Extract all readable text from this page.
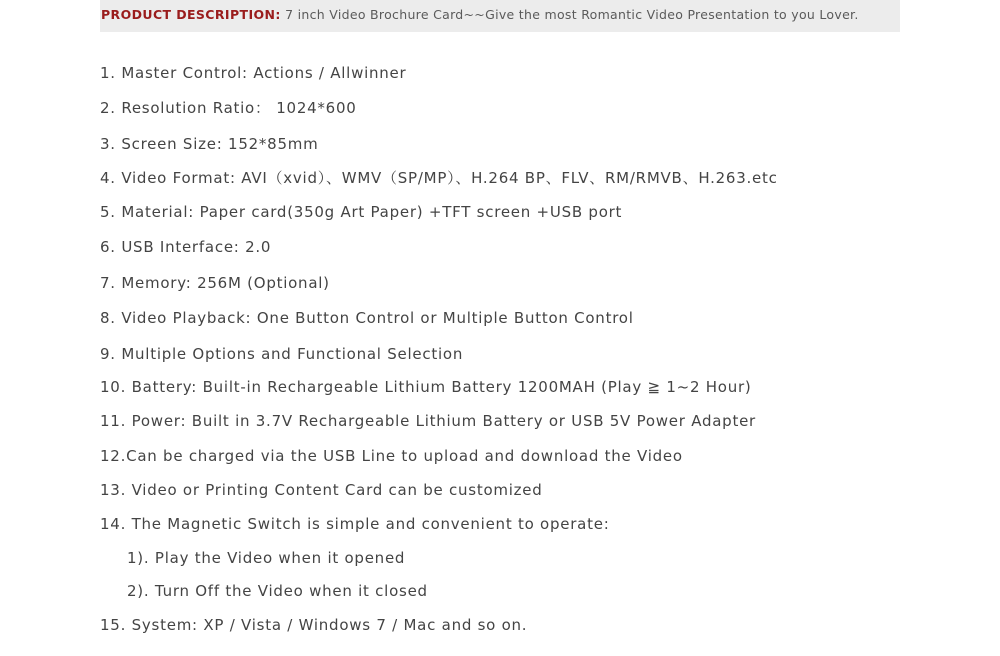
PRODUCT DESCRIPTION: 7 inch Video Brochure Card~~Give the most Romantic Video Presentation to you Lover.
1. Master Control: Actions / Allwinner
2. Resolution Ratio： 1024*600
3. Screen Size: 152*85mm
4. Video Format: AVI（xvid）、WMV（SP/MP）、H.264 BP、FLV、RM/RMVB、H.263.etc
5. Material: Paper card(350g Art Paper) +TFT screen +USB port
6. USB Interface: 2.0
7. Memory: 256M (Optional)
8. Video Playback: One Button Control or Multiple Button Control
9. Multiple Options and Functional Selection
10. Battery: Built-in Rechargeable Lithium Battery 1200MAH (Play ≧ 1~2 Hour)
11. Power: Built in 3.7V Rechargeable Lithium Battery or USB 5V Power Adapter
12.Can be charged via the USB Line to upload and download the Video
13. Video or Printing Content Card can be customized
14. The Magnetic Switch is simple and convenient to operate:
1). Play the Video when it opened
2). Turn Off the Video when it closed
15. System: XP / Vista / Windows 7 / Mac and so on.
